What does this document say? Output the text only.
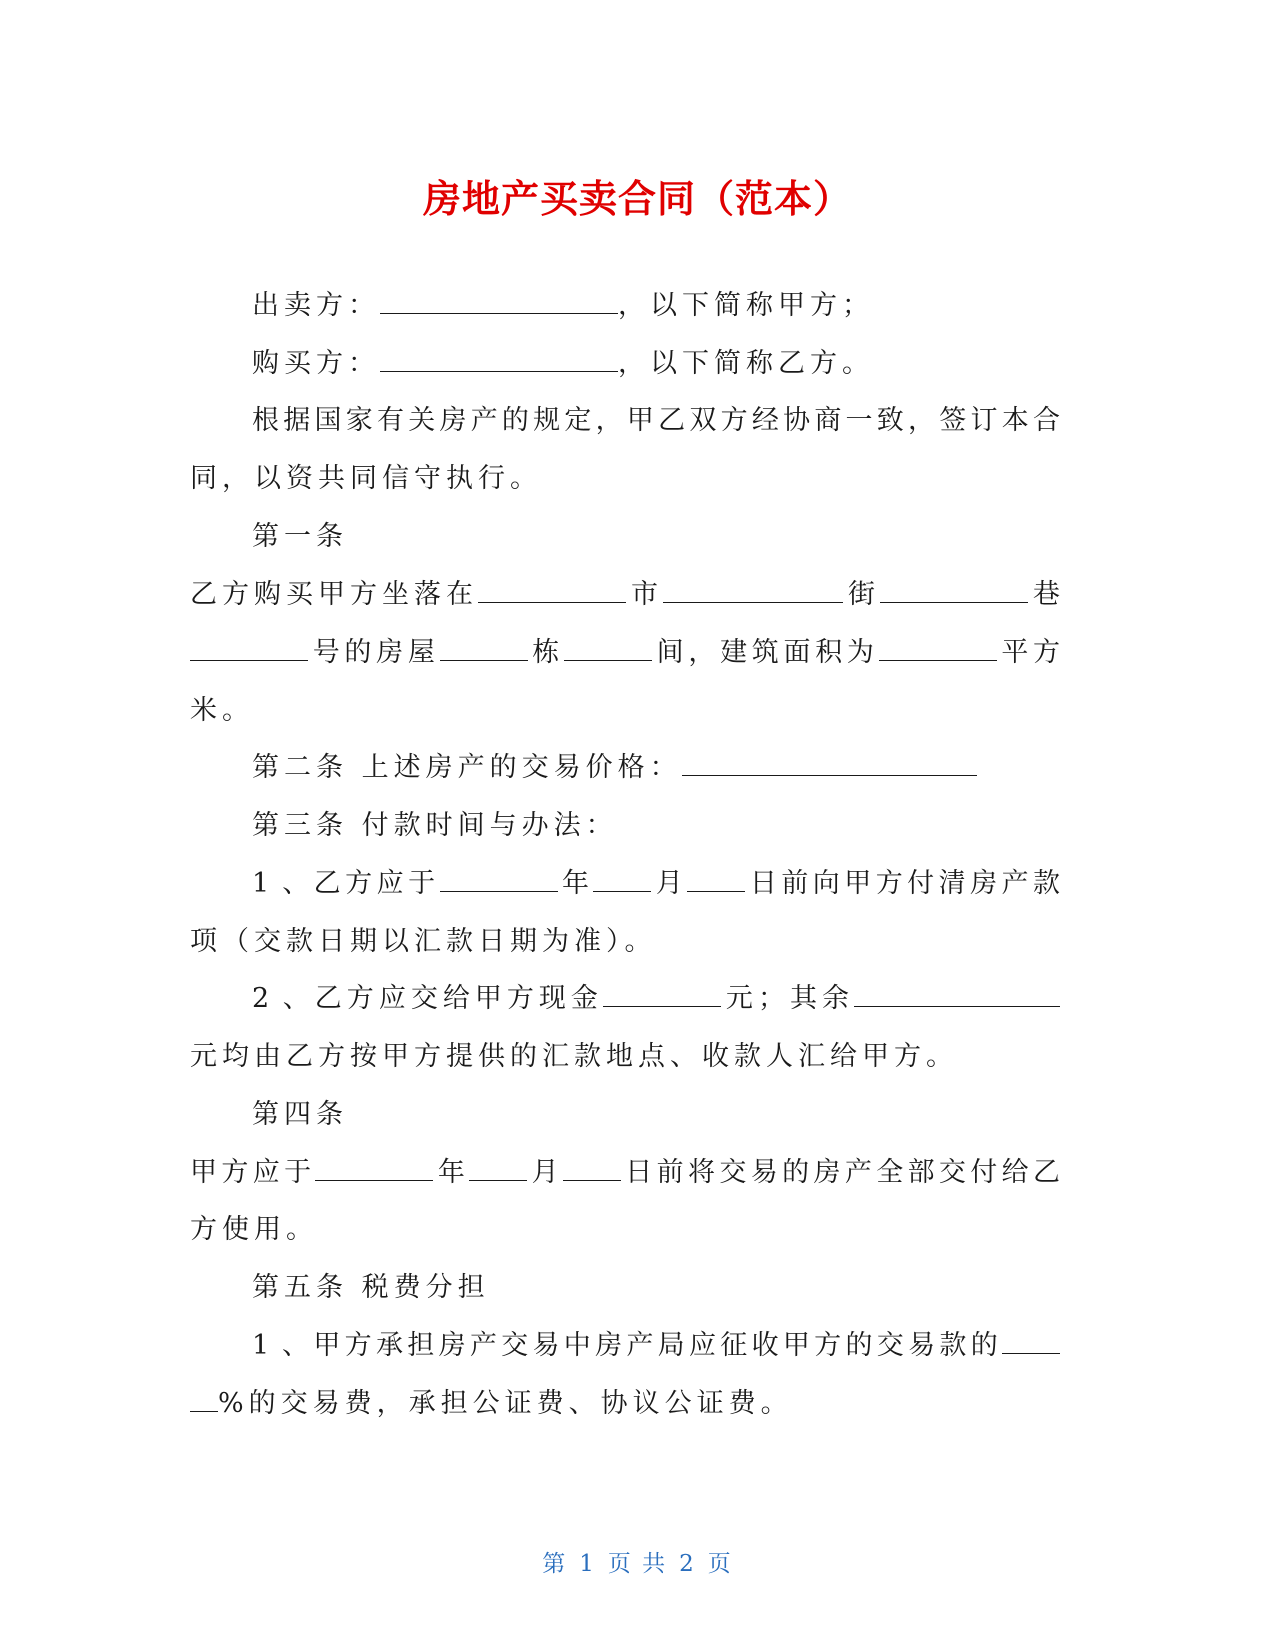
房地产买卖合同（范本）
出卖方：	，以下简称甲方；
购买方：	，以下简称乙方。
根据国家有关房产的规定，甲乙双方经协商一致，签订本合
同，以资共同信守执行。
第一条
乙方购买甲方坐落在	市	街	巷
号的房屋	栋	间，建筑面积为	平方
米。
第二条 上述房产的交易价格：
第三条 付款时间与办法：
1 、乙方应于	年 月 日前向甲方付清房产款
项（交款日期以汇款日期为准）。
2 、乙方应交给甲方现金	元；其余
元均由乙方按甲方提供的汇款地点、收款人汇给甲方。
第四条
甲方应于	年 月 日前将交易的房产全部交付给乙
方使用。
第五条 税费分担
1 、甲方承担房产交易中房产局应征收甲方的交易款的
%的交易费，承担公证费、协议公证费。
第 1 页 共 2 页
